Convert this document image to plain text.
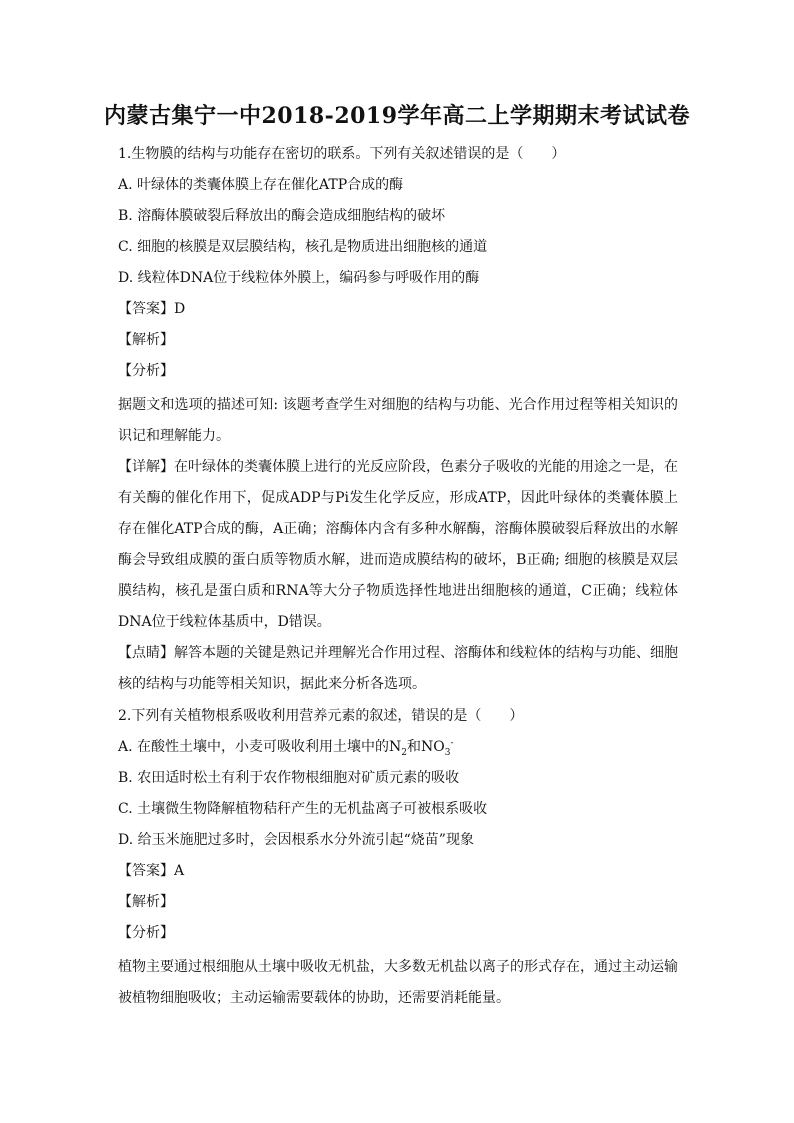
内蒙古集宁一中2018-2019学年高二上学期期末考试试卷
1.生物膜的结构与功能存在密切的联系。下列有关叙述错误的是（　　）
A. 叶绿体的类囊体膜上存在催化ATP合成的酶
B. 溶酶体膜破裂后释放出的酶会造成细胞结构的破坏
C. 细胞的核膜是双层膜结构，核孔是物质进出细胞核的通道
D. 线粒体DNA位于线粒体外膜上，编码参与呼吸作用的酶
【答案】D
【解析】
【分析】
据题文和选项的描述可知: 该题考查学生对细胞的结构与功能、光合作用过程等相关知识的识记和理解能力。
【详解】在叶绿体的类囊体膜上进行的光反应阶段，色素分子吸收的光能的用途之一是，在有关酶的催化作用下，促成ADP与Pi发生化学反应，形成ATP，因此叶绿体的类囊体膜上存在催化ATP合成的酶，A正确；溶酶体内含有多种水解酶，溶酶体膜破裂后释放出的水解酶会导致组成膜的蛋白质等物质水解，进而造成膜结构的破坏，B正确; 细胞的核膜是双层膜结构，核孔是蛋白质和RNA等大分子物质选择性地进出细胞核的通道，C正确；线粒体DNA位于线粒体基质中，D错误。
【点睛】解答本题的关键是熟记并理解光合作用过程、溶酶体和线粒体的结构与功能、细胞核的结构与功能等相关知识，据此来分析各选项。
2.下列有关植物根系吸收利用营养元素的叙述，错误的是（　　）
A. 在酸性土壤中，小麦可吸收利用土壤中的$N_2$和$NO_3^-$
B. 农田适时松土有利于农作物根细胞对矿质元素的吸收
C. 土壤微生物降解植物秸秆产生的无机盐离子可被根系吸收
D. 给玉米施肥过多时，会因根系水分外流引起“烧苗”现象
【答案】A
【解析】
【分析】
植物主要通过根细胞从土壤中吸收无机盐，大多数无机盐以离子的形式存在，通过主动运输被植物细胞吸收；主动运输需要载体的协助，还需要消耗能量。
